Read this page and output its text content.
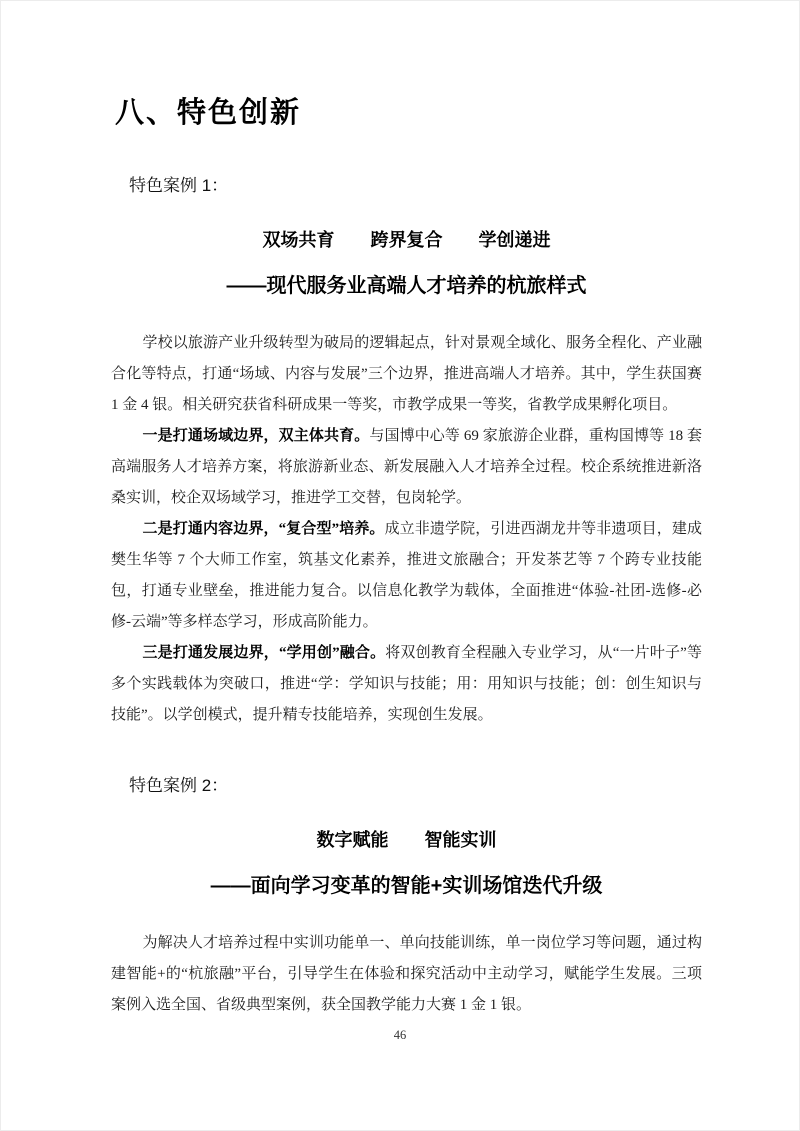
八、特色创新
特色案例 1：
双场共育　　跨界复合　　学创递进
——现代服务业高端人才培养的杭旅样式

学校以旅游产业升级转型为破局的逻辑起点，针对景观全域化、服务全程化、产业融合化等特点，打通“场域、内容与发展”三个边界，推进高端人才培养。其中，学生获国赛 1 金 4 银。相关研究获省科研成果一等奖，市教学成果一等奖，省教学成果孵化项目。

一是打通场域边界，双主体共育。与国博中心等 69 家旅游企业群，重构国博等 18 套高端服务人才培养方案，将旅游新业态、新发展融入人才培养全过程。校企系统推进新洛桑实训，校企双场域学习，推进学工交替，包岗轮学。

二是打通内容边界，“复合型”培养。成立非遗学院，引进西湖龙井等非遗项目，建成樊生华等 7 个大师工作室，筑基文化素养，推进文旅融合；开发茶艺等 7 个跨专业技能包，打通专业壁垒，推进能力复合。以信息化教学为载体，全面推进“体验-社团-选修-必修-云端”等多样态学习，形成高阶能力。

三是打通发展边界，“学用创”融合。将双创教育全程融入专业学习，从“一片叶子”等多个实践载体为突破口，推进“学：学知识与技能；用：用知识与技能；创：创生知识与技能”。以学创模式，提升精专技能培养，实现创生发展。

特色案例 2：
数字赋能　　智能实训
——面向学习变革的智能+实训场馆迭代升级

为解决人才培养过程中实训功能单一、单向技能训练，单一岗位学习等问题，通过构建智能+的“杭旅融”平台，引导学生在体验和探究活动中主动学习，赋能学生发展。三项案例入选全国、省级典型案例，获全国教学能力大赛 1 金 1 银。

46
